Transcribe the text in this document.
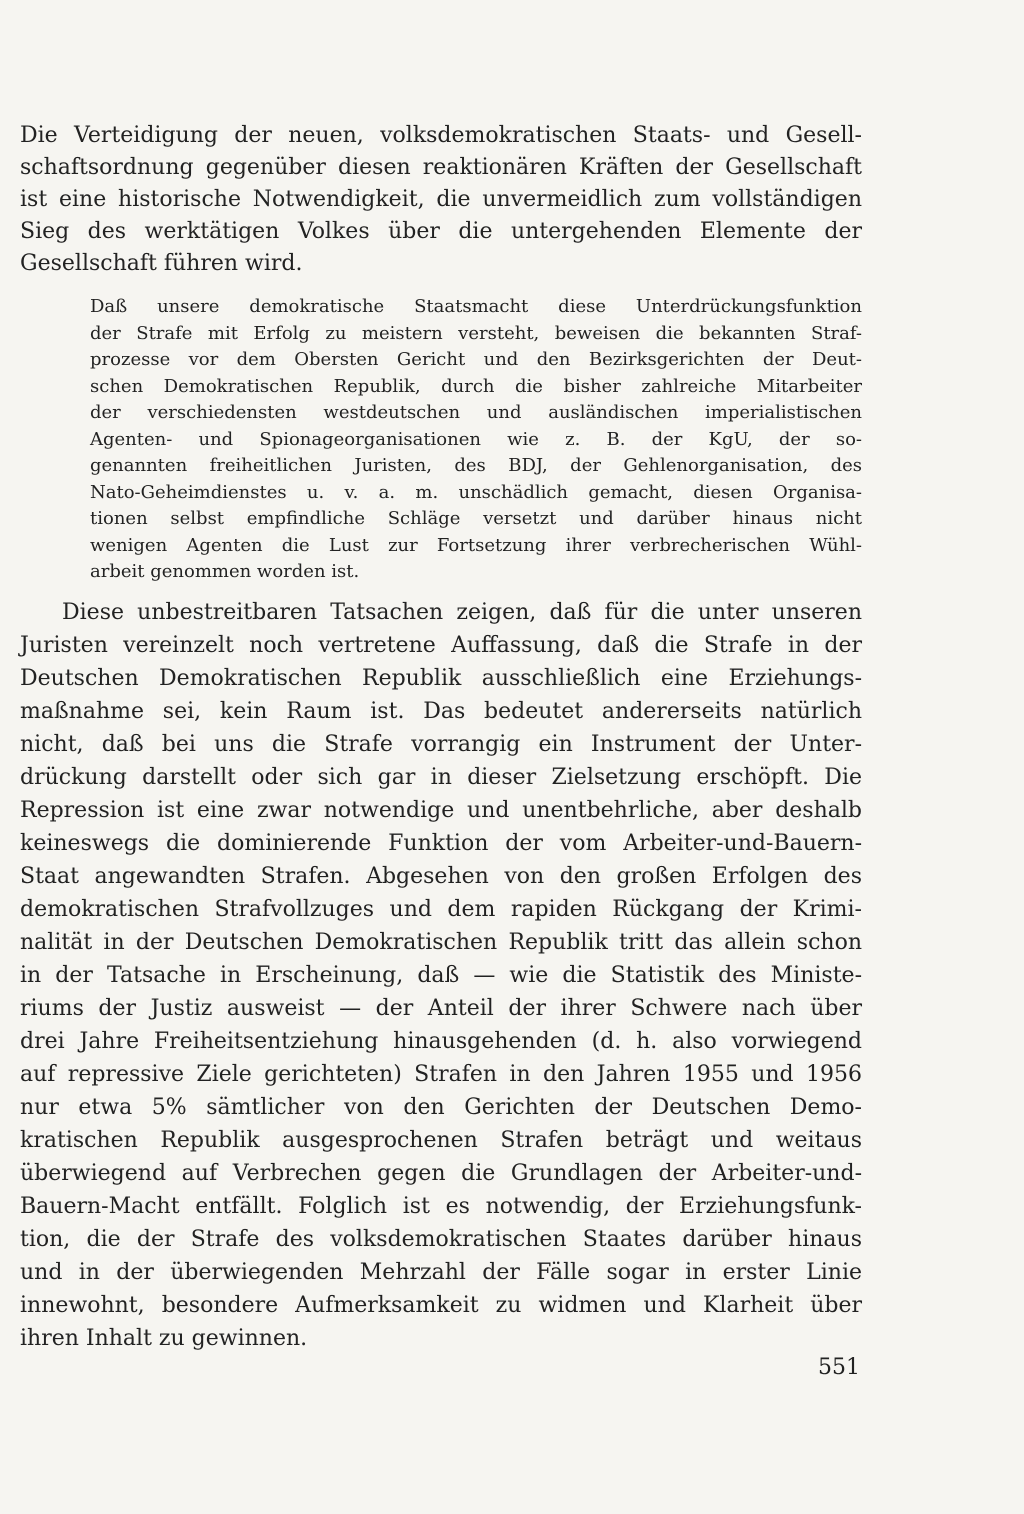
Die Verteidigung der neuen, volksdemokratischen Staats- und Gesell-
schaftsordnung gegenüber diesen reaktionären Kräften der Gesellschaft
ist eine historische Notwendigkeit, die unvermeidlich zum vollständigen
Sieg des werktätigen Volkes über die untergehenden Elemente der
Gesellschaft führen wird.
Daß unsere demokratische Staatsmacht diese Unterdrückungsfunktion
der Strafe mit Erfolg zu meistern versteht, beweisen die bekannten Straf-
prozesse vor dem Obersten Gericht und den Bezirksgerichten der Deut-
schen Demokratischen Republik, durch die bisher zahlreiche Mitarbeiter
der verschiedensten westdeutschen und ausländischen imperialistischen
Agenten- und Spionageorganisationen wie z. B. der KgU, der so-
genannten freiheitlichen Juristen, des BDJ, der Gehlenorganisation, des
Nato-Geheimdienstes u. v. a. m. unschädlich gemacht, diesen Organisa-
tionen selbst empfindliche Schläge versetzt und darüber hinaus nicht
wenigen Agenten die Lust zur Fortsetzung ihrer verbrecherischen Wühl-
arbeit genommen worden ist.
Diese unbestreitbaren Tatsachen zeigen, daß für die unter unseren
Juristen vereinzelt noch vertretene Auffassung, daß die Strafe in der
Deutschen Demokratischen Republik ausschließlich eine Erziehungs-
maßnahme sei, kein Raum ist. Das bedeutet andererseits natürlich
nicht, daß bei uns die Strafe vorrangig ein Instrument der Unter-
drückung darstellt oder sich gar in dieser Zielsetzung erschöpft. Die
Repression ist eine zwar notwendige und unentbehrliche, aber deshalb
keineswegs die dominierende Funktion der vom Arbeiter-und-Bauern-
Staat angewandten Strafen. Abgesehen von den großen Erfolgen des
demokratischen Strafvollzuges und dem rapiden Rückgang der Krimi-
nalität in der Deutschen Demokratischen Republik tritt das allein schon
in der Tatsache in Erscheinung, daß — wie die Statistik des Ministe-
riums der Justiz ausweist — der Anteil der ihrer Schwere nach über
drei Jahre Freiheitsentziehung hinausgehenden (d. h. also vorwiegend
auf repressive Ziele gerichteten) Strafen in den Jahren 1955 und 1956
nur etwa 5% sämtlicher von den Gerichten der Deutschen Demo-
kratischen Republik ausgesprochenen Strafen beträgt und weitaus
überwiegend auf Verbrechen gegen die Grundlagen der Arbeiter-und-
Bauern-Macht entfällt. Folglich ist es notwendig, der Erziehungsfunk-
tion, die der Strafe des volksdemokratischen Staates darüber hinaus
und in der überwiegenden Mehrzahl der Fälle sogar in erster Linie
innewohnt, besondere Aufmerksamkeit zu widmen und Klarheit über
ihren Inhalt zu gewinnen.
551
